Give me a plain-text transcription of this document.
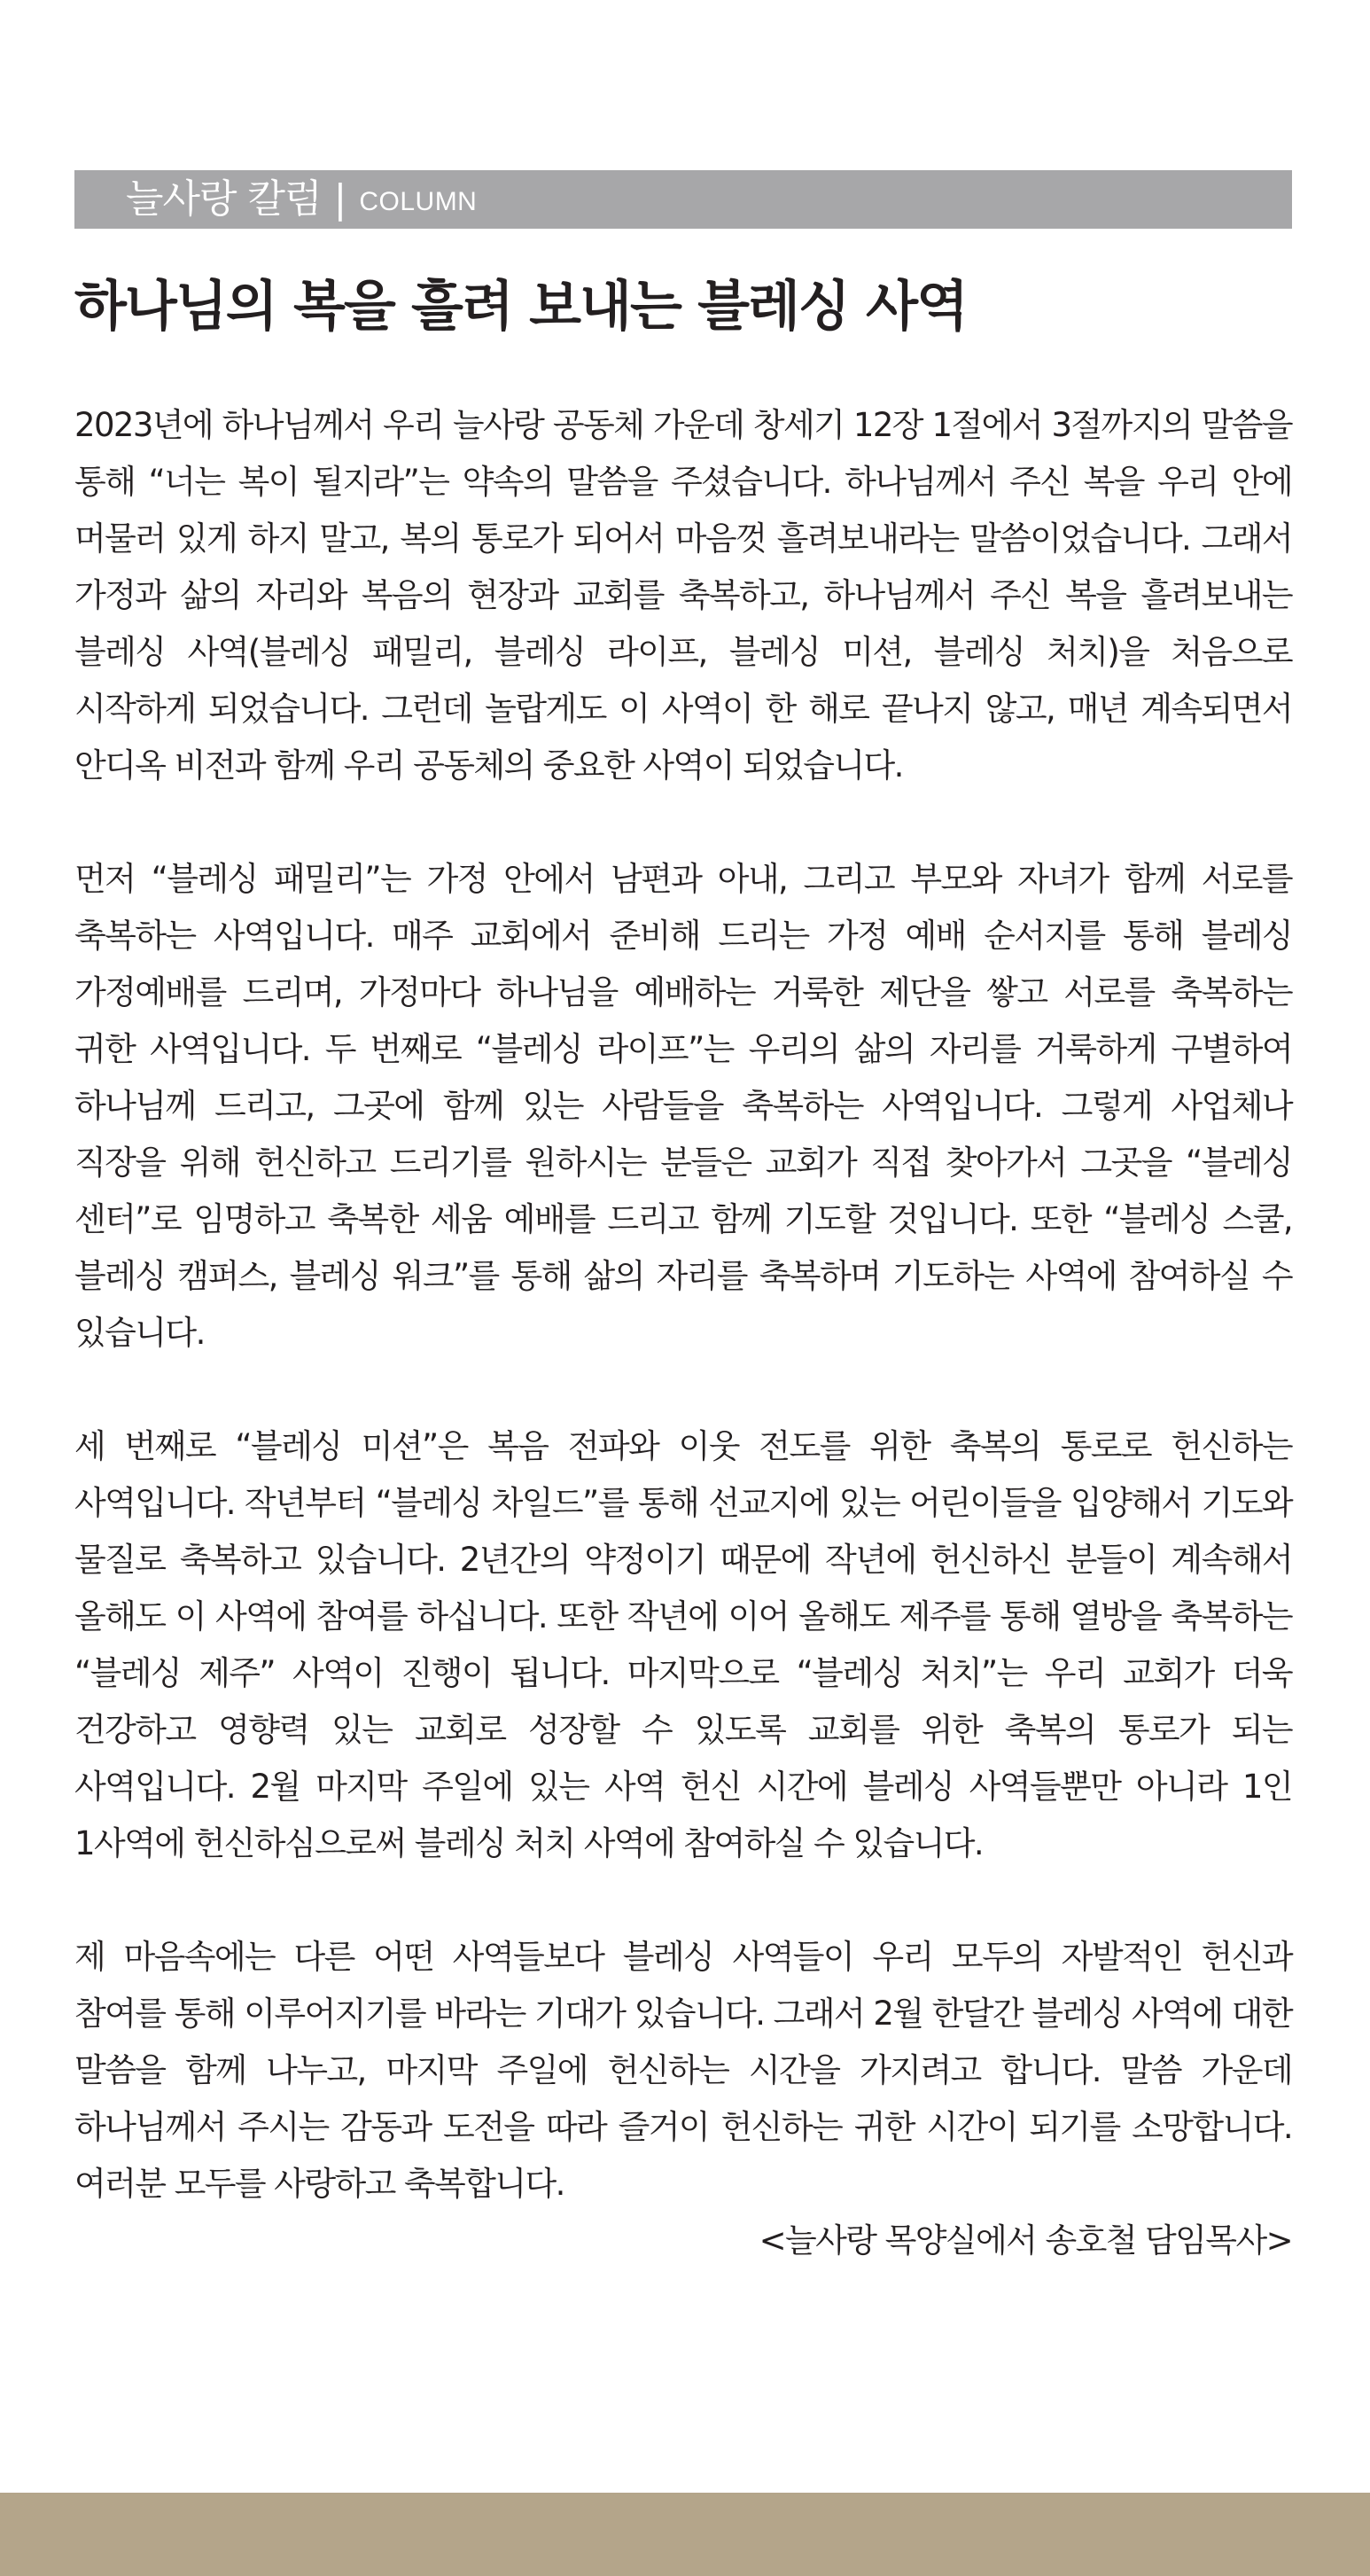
늘사랑 칼럼 | COLUMN
하나님의 복을 흘려 보내는 블레싱 사역

2023년에 하나님께서 우리 늘사랑 공동체 가운데 창세기 12장 1절에서 3절까지의 말씀을 통해 “너는 복이 될지라”는 약속의 말씀을 주셨습니다. 하나님께서 주신 복을 우리 안에 머물러 있게 하지 말고, 복의 통로가 되어서 마음껏 흘려보내라는 말씀이었습니다. 그래서 가정과 삶의 자리와 복음의 현장과 교회를 축복하고, 하나님께서 주신 복을 흘려보내는 블레싱 사역(블레싱 패밀리, 블레싱 라이프, 블레싱 미션, 블레싱 처치)을 처음으로 시작하게 되었습니다. 그런데 놀랍게도 이 사역이 한 해로 끝나지 않고, 매년 계속되면서 안디옥 비전과 함께 우리 공동체의 중요한 사역이 되었습니다.

먼저 “블레싱 패밀리”는 가정 안에서 남편과 아내, 그리고 부모와 자녀가 함께 서로를 축복하는 사역입니다. 매주 교회에서 준비해 드리는 가정 예배 순서지를 통해 블레싱 가정예배를 드리며, 가정마다 하나님을 예배하는 거룩한 제단을 쌓고 서로를 축복하는 귀한 사역입니다. 두 번째로 “블레싱 라이프”는 우리의 삶의 자리를 거룩하게 구별하여 하나님께 드리고, 그곳에 함께 있는 사람들을 축복하는 사역입니다. 그렇게 사업체나 직장을 위해 헌신하고 드리기를 원하시는 분들은 교회가 직접 찾아가서 그곳을 “블레싱 센터”로 임명하고 축복한 세움 예배를 드리고 함께 기도할 것입니다. 또한 “블레싱 스쿨, 블레싱 캠퍼스, 블레싱 워크”를 통해 삶의 자리를 축복하며 기도하는 사역에 참여하실 수 있습니다.

세 번째로 “블레싱 미션”은 복음 전파와 이웃 전도를 위한 축복의 통로로 헌신하는 사역입니다. 작년부터 “블레싱 차일드”를 통해 선교지에 있는 어린이들을 입양해서 기도와 물질로 축복하고 있습니다. 2년간의 약정이기 때문에 작년에 헌신하신 분들이 계속해서 올해도 이 사역에 참여를 하십니다. 또한 작년에 이어 올해도 제주를 통해 열방을 축복하는 “블레싱 제주” 사역이 진행이 됩니다. 마지막으로 “블레싱 처치”는 우리 교회가 더욱 건강하고 영향력 있는 교회로 성장할 수 있도록 교회를 위한 축복의 통로가 되는 사역입니다. 2월 마지막 주일에 있는 사역 헌신 시간에 블레싱 사역들뿐만 아니라 1인 1사역에 헌신하심으로써 블레싱 처치 사역에 참여하실 수 있습니다.

제 마음속에는 다른 어떤 사역들보다 블레싱 사역들이 우리 모두의 자발적인 헌신과 참여를 통해 이루어지기를 바라는 기대가 있습니다. 그래서 2월 한달간 블레싱 사역에 대한 말씀을 함께 나누고, 마지막 주일에 헌신하는 시간을 가지려고 합니다. 말씀 가운데 하나님께서 주시는 감동과 도전을 따라 즐거이 헌신하는 귀한 시간이 되기를 소망합니다. 여러분 모두를 사랑하고 축복합니다.

<늘사랑 목양실에서 송호철 담임목사>
